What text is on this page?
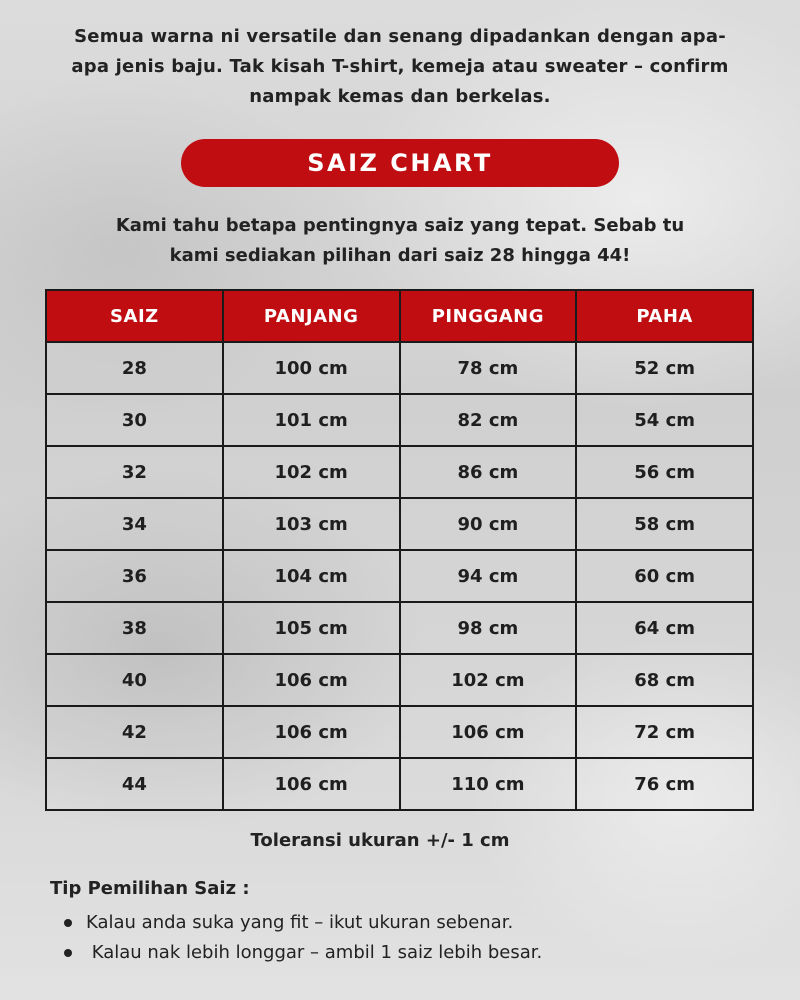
Semua warna ni versatile dan senang dipadankan dengan apa-
apa jenis baju. Tak kisah T-shirt, kemeja atau sweater – confirm
nampak kemas dan berkelas.
SAIZ CHART
Kami tahu betapa pentingnya saiz yang tepat. Sebab tu
kami sediakan pilihan dari saiz 28 hingga 44!
SAIZ	PANJANG	PINGGANG	PAHA
28	100 cm	78 cm	52 cm
30	101 cm	82 cm	54 cm
32	102 cm	86 cm	56 cm
34	103 cm	90 cm	58 cm
36	104 cm	94 cm	60 cm
38	105 cm	98 cm	64 cm
40	106 cm	102 cm	68 cm
42	106 cm	106 cm	72 cm
44	106 cm	110 cm	76 cm
Toleransi ukuran +/- 1 cm
Tip Pemilihan Saiz :
Kalau anda suka yang fit – ikut ukuran sebenar.
Kalau nak lebih longgar – ambil 1 saiz lebih besar.
